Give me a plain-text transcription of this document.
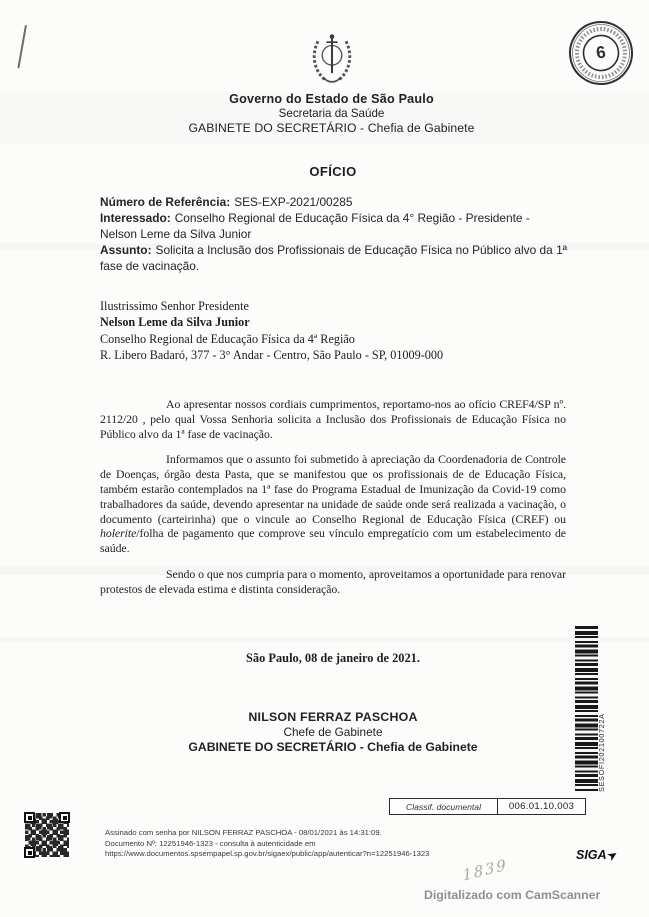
6
Governo do Estado de São Paulo
Secretaria da Saúde
GABINETE DO SECRETÁRIO - Chefia de Gabinete
OFÍCIO
Número de Referência: SES-EXP-2021/00285
Interessado: Conselho Regional de Educação Física da 4° Região - Presidente - Nelson Leme da Silva Junior
Assunto: Solicita a Inclusão dos Profissionais de Educação Física no Público alvo da 1ª fase de vacinação.
Ilustrissimo Senhor Presidente
Nelson Leme da Silva Junior
Conselho Regional de Educação Física da 4ª Região
R. Libero Badaró, 377 - 3° Andar - Centro, São Paulo - SP, 01009-000

Ao apresentar nossos cordiais cumprimentos, reportamo-nos ao ofício CREF4/SP nº. 2112/20 , pelo qual Vossa Senhoria solicita a Inclusão dos Profissionais de Educação Física no Público alvo da 1ª fase de vacinação.

Informamos que o assunto foi submetido à apreciação da Coordenadoria de Controle de Doenças, órgão desta Pasta, que se manifestou que os profissionais de de Educação Física, também estarão contemplados na 1ª fase do Programa Estadual de Imunização da Covid-19 como trabalhadores da saúde, devendo apresentar na unidade de saúde onde será realizada a vacinação, o documento (carteirinha) que o vincule ao Conselho Regional de Educação Física (CREF) ou holerite/folha de pagamento que comprove seu vínculo empregatício com um estabelecimento de saúde.

Sendo o que nos cumpria para o momento, aproveitamos a oportunidade para renovar protestos de elevada estima e distinta consideração.

São Paulo, 08 de janeiro de 2021.
NILSON FERRAZ PASCHOA
Chefe de Gabinete
GABINETE DO SECRETÁRIO - Chefia de Gabinete	SESOFI202100722A
Classif. documental	006.01.10.003
Assinado com senha por NILSON FERRAZ PASCHOA - 08/01/2021 às 14:31:09.
Documento Nº: 12251946-1323 - consulta à autenticidade em
https://www.documentos.spsempapel.sp.gov.br/sigaex/public/app/autenticar?n=12251946-1323	SIGA
➤
1839
Digitalizado com CamScanner
